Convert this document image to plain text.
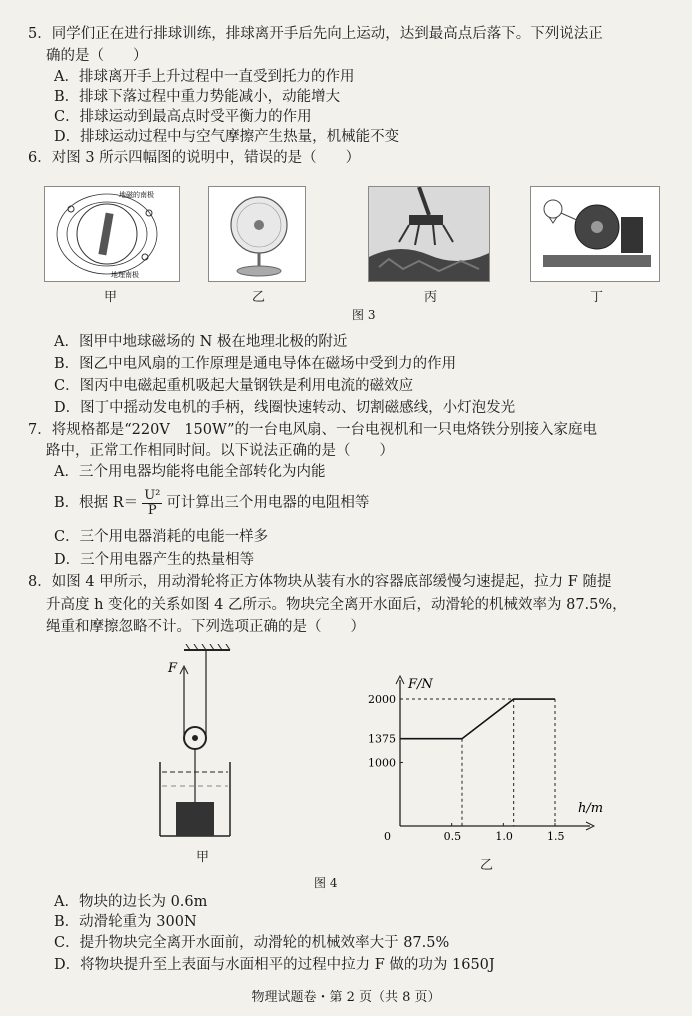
5．同学们正在进行排球训练，排球离开手后先向上运动，达到最高点后落下。下列说法正
确的是（　　）
A．排球离开手上升过程中一直受到托力的作用
B．排球下落过程中重力势能减小，动能增大
C．排球运动到最高点时受平衡力的作用
D．排球运动过程中与空气摩擦产生热量，机械能不变
6．对图 3 所示四幅图的说明中，错误的是（　　）
地磁的南极
地理南极
甲	乙	丙	丁
图 3
A．图甲中地球磁场的 N 极在地理北极的附近
B．图乙中电风扇的工作原理是通电导体在磁场中受到力的作用
C．图丙中电磁起重机吸起大量钢铁是利用电流的磁效应
D．图丁中摇动发电机的手柄，线圈快速转动、切割磁感线，小灯泡发光
7．将规格都是“220V　150W”的一台电风扇、一台电视机和一只电烙铁分别接入家庭电
路中，正常工作相同时间。以下说法正确的是（　　）
A．三个用电器均能将电能全部转化为内能
B．根据 $R= \frac{\text{U²}}{P}$ 可计算出三个用电器的电阻相等
C．三个用电器消耗的电能一样多
D．三个用电器产生的热量相等
8．如图 4 甲所示，用动滑轮将正方体物块从装有水的容器底部缓慢匀速提起，拉力 F 随提
升高度 h 变化的关系如图 4 乙所示。物块完全离开水面后，动滑轮的机械效率为 87.5%，
绳重和摩擦忽略不计。下列选项正确的是（　　）
F
甲
F/N
h/m
0	0.5	1.0	1.5
1000
1375
2000
乙
图 4
A．物块的边长为 0.6m
B．动滑轮重为 300N
C．提升物块完全离开水面前，动滑轮的机械效率大于 87.5%
D．将物块提升至上表面与水面相平的过程中拉力 F 做的功为 1650J
物理试题卷・第 2 页（共 8 页）
